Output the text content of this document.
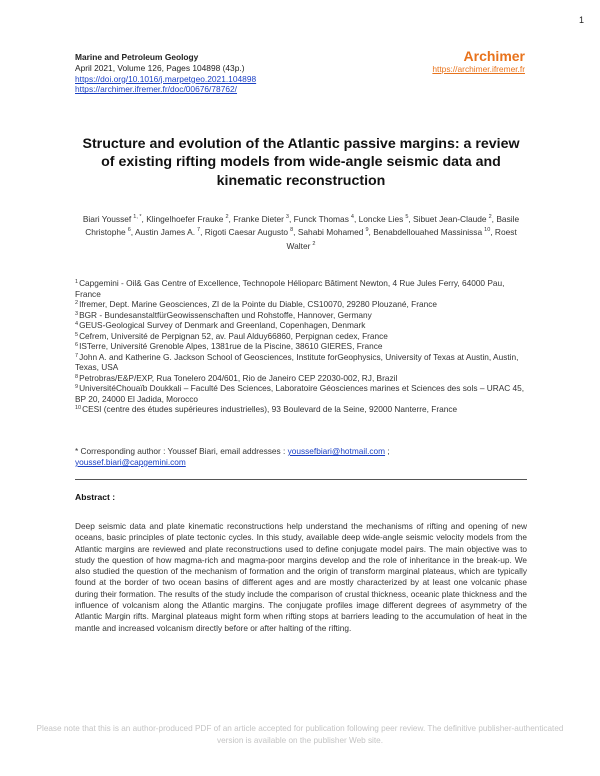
1
Marine and Petroleum Geology
April 2021, Volume 126, Pages 104898 (43p.)
https://doi.org/10.1016/j.marpetgeo.2021.104898
https://archimer.ifremer.fr/doc/00676/78762/
Archimer
https://archimer.ifremer.fr
Structure and evolution of the Atlantic passive margins: a review of existing rifting models from wide-angle seismic data and kinematic reconstruction
Biari Youssef $^{1, *}$, Klingelhoefer Frauke $^2$, Franke Dieter $^3$, Funck Thomas $^4$, Loncke Lies $^5$, Sibuet Jean-Claude $^2$, Basile Christophe $^6$, Austin James A. $^7$, Rigoti Caesar Augusto $^8$, Sahabi Mohamed $^9$, Benabdellouahed Massinissa $^{10}$, Roest Walter $^2$
$^1$Capgemini - Oil& Gas Centre of Excellence, Technopole Hélioparc Bâtiment Newton, 4 Rue Jules Ferry, 64000 Pau, France
$^2$Ifremer, Dept. Marine Geosciences, ZI de la Pointe du Diable, CS10070, 29280 Plouzané, France
$^3$BGR - BundesanstaltfürGeowissenschaften und Rohstoffe, Hannover, Germany
$^4$GEUS-Geological Survey of Denmark and Greenland, Copenhagen, Denmark
$^5$Cefrem, Université de Perpignan 52, av. Paul Alduy66860, Perpignan cedex, France
$^6$ISTerre, Université Grenoble Alpes, 1381rue de la Piscine, 38610 GIERES, France
$^7$John A. and Katherine G. Jackson School of Geosciences, Institute forGeophysics, University of Texas at Austin, Austin, Texas, USA
$^8$Petrobras/E&P/EXP, Rua Tonelero 204/601, Rio de Janeiro CEP 22030-002, RJ, Brazil
$^9$UniversitéChouaïb Doukkali – Faculté Des Sciences, Laboratoire Géosciences marines et Sciences des sols – URAC 45, BP 20, 24000 El Jadida, Morocco
$^{10}$CESI (centre des études supérieures industrielles), 93 Boulevard de la Seine, 92000 Nanterre, France
* Corresponding author : Youssef Biari, email addresses : youssefbiari@hotmail.com ;
youssef.biari@capgemini.com
Abstract :
Deep seismic data and plate kinematic reconstructions help understand the mechanisms of rifting and opening of new oceans, basic principles of plate tectonic cycles. In this study, available deep wide-angle seismic velocity models from the Atlantic margins are reviewed and plate reconstructions used to define conjugate model pairs. The main objective was to study the question of how magma-rich and magma-poor margins develop and the role of inheritance in the break-up. We also studied the question of the mechanism of formation and the origin of transform marginal plateaus, which are typically found at the border of two ocean basins of different ages and are mostly characterized by at least one volcanic phase during their formation. The results of the study include the comparison of crustal thickness, oceanic plate thickness and the influence of volcanism along the Atlantic margins. The conjugate profiles image different degrees of asymmetry of the Atlantic Margin rifts. Marginal plateaus might form when rifting stops at barriers leading to the accumulation of heat in the mantle and increased volcanism directly before or after halting of the rifting.
Please note that this is an author-produced PDF of an article accepted for publication following peer review. The definitive publisher-authenticated version is available on the publisher Web site.
